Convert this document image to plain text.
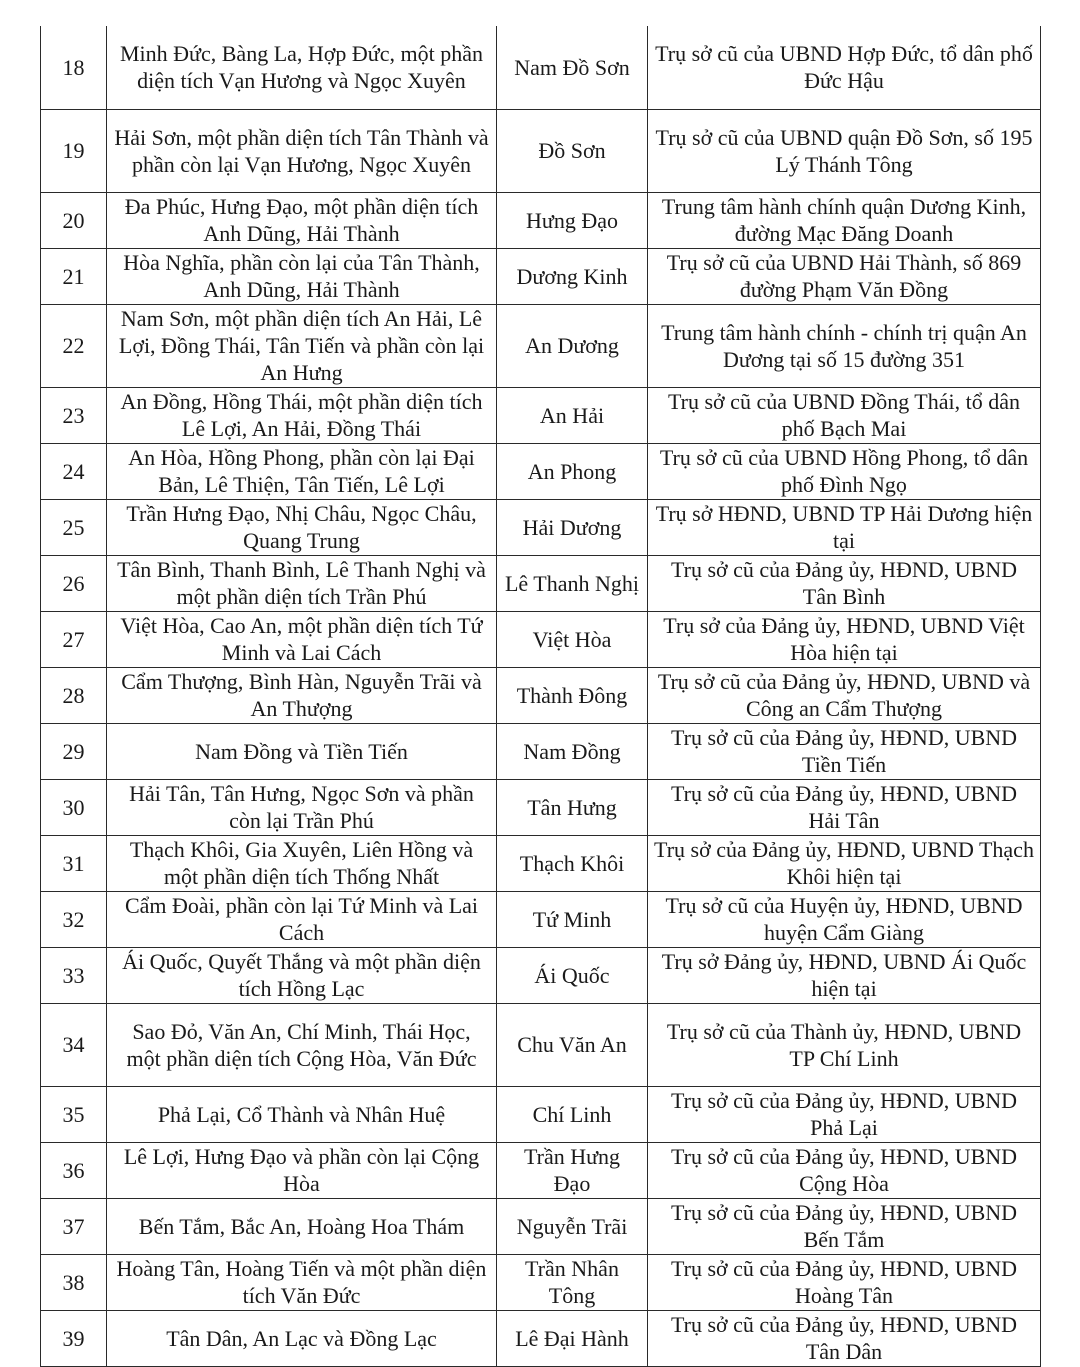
18	Minh Đức, Bàng La, Hợp Đức, một phần diện tích Vạn Hương và Ngọc Xuyên	Nam Đồ Sơn	Trụ sở cũ của UBND Hợp Đức, tổ dân phố Đức Hậu
19	Hải Sơn, một phần diện tích Tân Thành và phần còn lại Vạn Hương, Ngọc Xuyên	Đồ Sơn	Trụ sở cũ của UBND quận Đồ Sơn, số 195 Lý Thánh Tông
20	Đa Phúc, Hưng Đạo, một phần diện tích Anh Dũng, Hải Thành	Hưng Đạo	Trung tâm hành chính quận Dương Kinh, đường Mạc Đăng Doanh
21	Hòa Nghĩa, phần còn lại của Tân Thành, Anh Dũng, Hải Thành	Dương Kinh	Trụ sở cũ của UBND Hải Thành, số 869 đường Phạm Văn Đồng
22	Nam Sơn, một phần diện tích An Hải, Lê Lợi, Đồng Thái, Tân Tiến và phần còn lại An Hưng	An Dương	Trung tâm hành chính - chính trị quận An Dương tại số 15 đường 351
23	An Đồng, Hồng Thái, một phần diện tích Lê Lợi, An Hải, Đồng Thái	An Hải	Trụ sở cũ của UBND Đồng Thái, tổ dân phố Bạch Mai
24	An Hòa, Hồng Phong, phần còn lại Đại Bản, Lê Thiện, Tân Tiến, Lê Lợi	An Phong	Trụ sở cũ của UBND Hồng Phong, tổ dân phố Đình Ngọ
25	Trần Hưng Đạo, Nhị Châu, Ngọc Châu, Quang Trung	Hải Dương	Trụ sở HĐND, UBND TP Hải Dương hiện tại
26	Tân Bình, Thanh Bình, Lê Thanh Nghị và một phần diện tích Trần Phú	Lê Thanh Nghị	Trụ sở cũ của Đảng ủy, HĐND, UBND Tân Bình
27	Việt Hòa, Cao An, một phần diện tích Tứ Minh và Lai Cách	Việt Hòa	Trụ sở của Đảng ủy, HĐND, UBND Việt Hòa hiện tại
28	Cẩm Thượng, Bình Hàn, Nguyễn Trãi và An Thượng	Thành Đông	Trụ sở cũ của Đảng ủy, HĐND, UBND và Công an Cẩm Thượng
29	Nam Đồng và Tiền Tiến	Nam Đồng	Trụ sở cũ của Đảng ủy, HĐND, UBND Tiền Tiến
30	Hải Tân, Tân Hưng, Ngọc Sơn và phần còn lại Trần Phú	Tân Hưng	Trụ sở cũ của Đảng ủy, HĐND, UBND Hải Tân
31	Thạch Khôi, Gia Xuyên, Liên Hồng và một phần diện tích Thống Nhất	Thạch Khôi	Trụ sở của Đảng ủy, HĐND, UBND Thạch Khôi hiện tại
32	Cẩm Đoài, phần còn lại Tứ Minh và Lai Cách	Tứ Minh	Trụ sở cũ của Huyện ủy, HĐND, UBND huyện Cẩm Giàng
33	Ái Quốc, Quyết Thắng và một phần diện tích Hồng Lạc	Ái Quốc	Trụ sở Đảng ủy, HĐND, UBND Ái Quốc hiện tại
34	Sao Đỏ, Văn An, Chí Minh, Thái Học, một phần diện tích Cộng Hòa, Văn Đức	Chu Văn An	Trụ sở cũ của Thành ủy, HĐND, UBND TP Chí Linh
35	Phả Lại, Cổ Thành và Nhân Huệ	Chí Linh	Trụ sở cũ của Đảng ủy, HĐND, UBND Phả Lại
36	Lê Lợi, Hưng Đạo và phần còn lại Cộng Hòa	Trần Hưng Đạo	Trụ sở cũ của Đảng ủy, HĐND, UBND Cộng Hòa
37	Bến Tắm, Bắc An, Hoàng Hoa Thám	Nguyễn Trãi	Trụ sở cũ của Đảng ủy, HĐND, UBND Bến Tắm
38	Hoàng Tân, Hoàng Tiến và một phần diện tích Văn Đức	Trần Nhân Tông	Trụ sở cũ của Đảng ủy, HĐND, UBND Hoàng Tân
39	Tân Dân, An Lạc và Đồng Lạc	Lê Đại Hành	Trụ sở cũ của Đảng ủy, HĐND, UBND Tân Dân
